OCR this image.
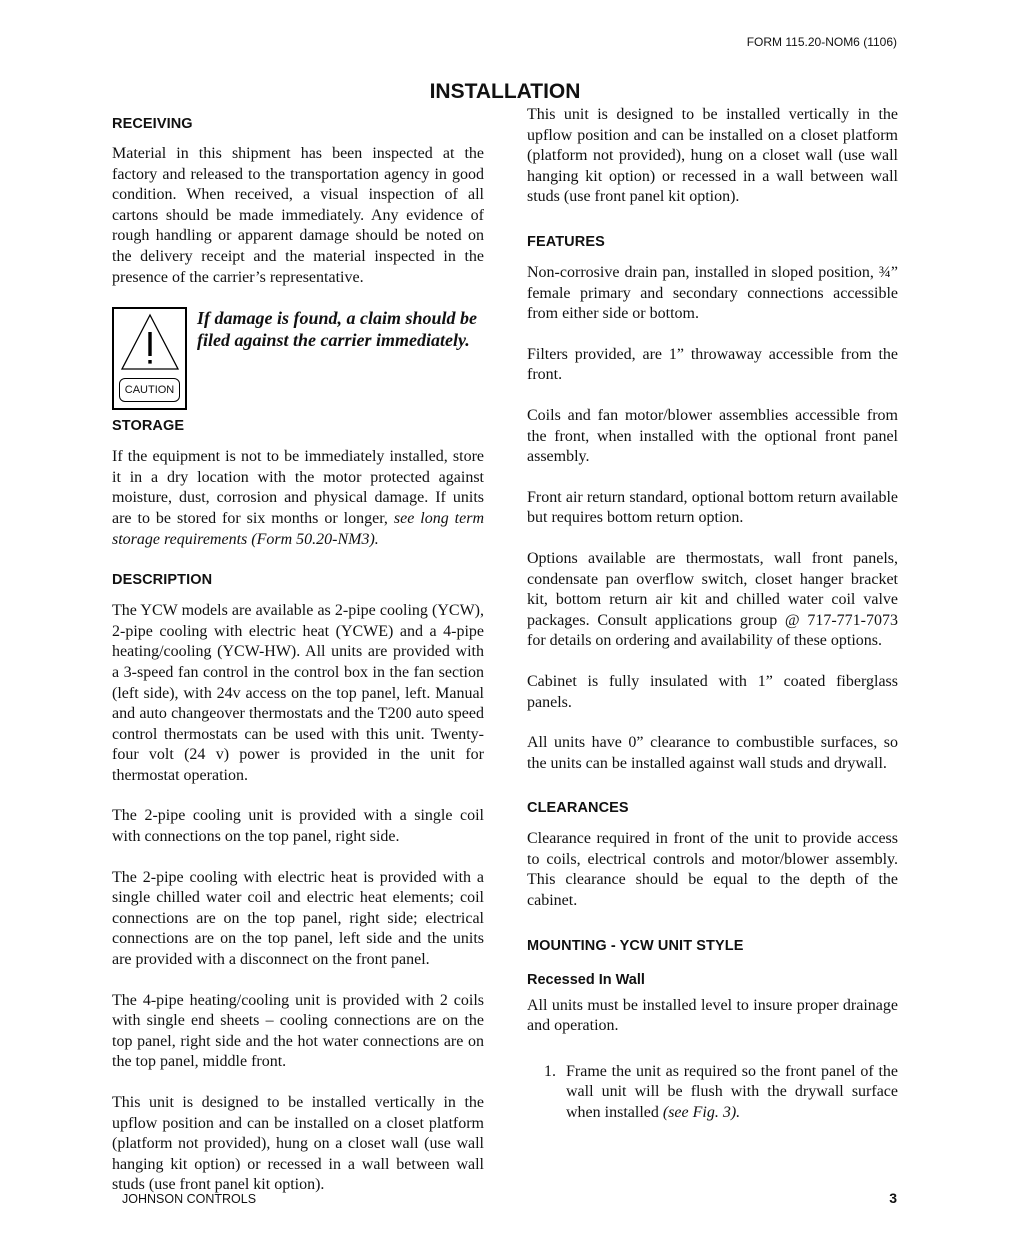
FORM 115.20-NOM6 (1106)
INSTALLATION
RECEIVING

Material in this shipment has been inspected at the factory and released to the transportation agency in good condition. When received, a visual inspection of all cartons should be made immediately. Any evidence of rough handling or apparent damage should be noted on the delivery receipt and the material inspected in the presence of the carrier’s representative.

CAUTION

If damage is found, a claim should be filed against the carrier immediately.

STORAGE

If the equipment is not to be immediately installed, store it in a dry location with the motor protected against moisture, dust, corrosion and physical damage. If units are to be stored for six months or longer, see long term storage requirements (Form 50.20-NM3).

DESCRIPTION

The YCW models are available as 2-pipe cooling (YCW), 2-pipe cooling with electric heat (YCWE) and a 4-pipe heating/cooling (YCW-HW). All units are provided with a 3-speed fan control in the control box in the fan section (left side), with 24v access on the top panel, left. Manual and auto changeover thermostats and the T200 auto speed control thermostats can be used with this unit. Twenty-four volt (24 v) power is provided in the unit for thermostat operation.

The 2-pipe cooling unit is provided with a single coil with connections on the top panel, right side.

The 2-pipe cooling with electric heat is provided with a single chilled water coil and electric heat elements; coil connections are on the top panel, right side; electrical connections are on the top panel, left side and the units are provided with a disconnect on the front panel.

The 4-pipe heating/cooling unit is provided with 2 coils with single end sheets – cooling connections are on the top panel, right side and the hot water connections are on the top panel, middle front.

This unit is designed to be installed vertically in the upflow position and can be installed on a closet platform (platform not provided), hung on a closet wall (use wall hanging kit option) or recessed in a wall between wall studs (use front panel kit option).

This unit is designed to be installed vertically in the upflow position and can be installed on a closet platform (platform not provided), hung on a closet wall (use wall hanging kit option) or recessed in a wall between wall studs (use front panel kit option).

FEATURES

Non-corrosive drain pan, installed in sloped position, ¾” female primary and secondary connections accessible from either side or bottom.

Filters provided, are 1” throwaway accessible from the front.

Coils and fan motor/blower assemblies accessible from the front, when installed with the optional front panel assembly.

Front air return standard, optional bottom return available but requires bottom return option.

Options available are thermostats, wall front panels, condensate pan overflow switch, closet hanger bracket kit, bottom return air kit and chilled water coil valve packages. Consult applications group @ 717-771-7073 for details on ordering and availability of these options.

Cabinet is fully insulated with 1” coated fiberglass panels.

All units have 0” clearance to combustible surfaces, so the units can be installed against wall studs and drywall.

CLEARANCES

Clearance required in front of the unit to provide access to coils, electrical controls and motor/blower assembly. This clearance should be equal to the depth of the cabinet.

MOUNTING - YCW UNIT STYLE
Recessed In Wall

All units must be installed level to insure proper drainage and operation.

1. Frame the unit as required so the front panel of the wall unit will be flush with the drywall surface when installed (see Fig. 3).

JOHNSON CONTROLS	3
